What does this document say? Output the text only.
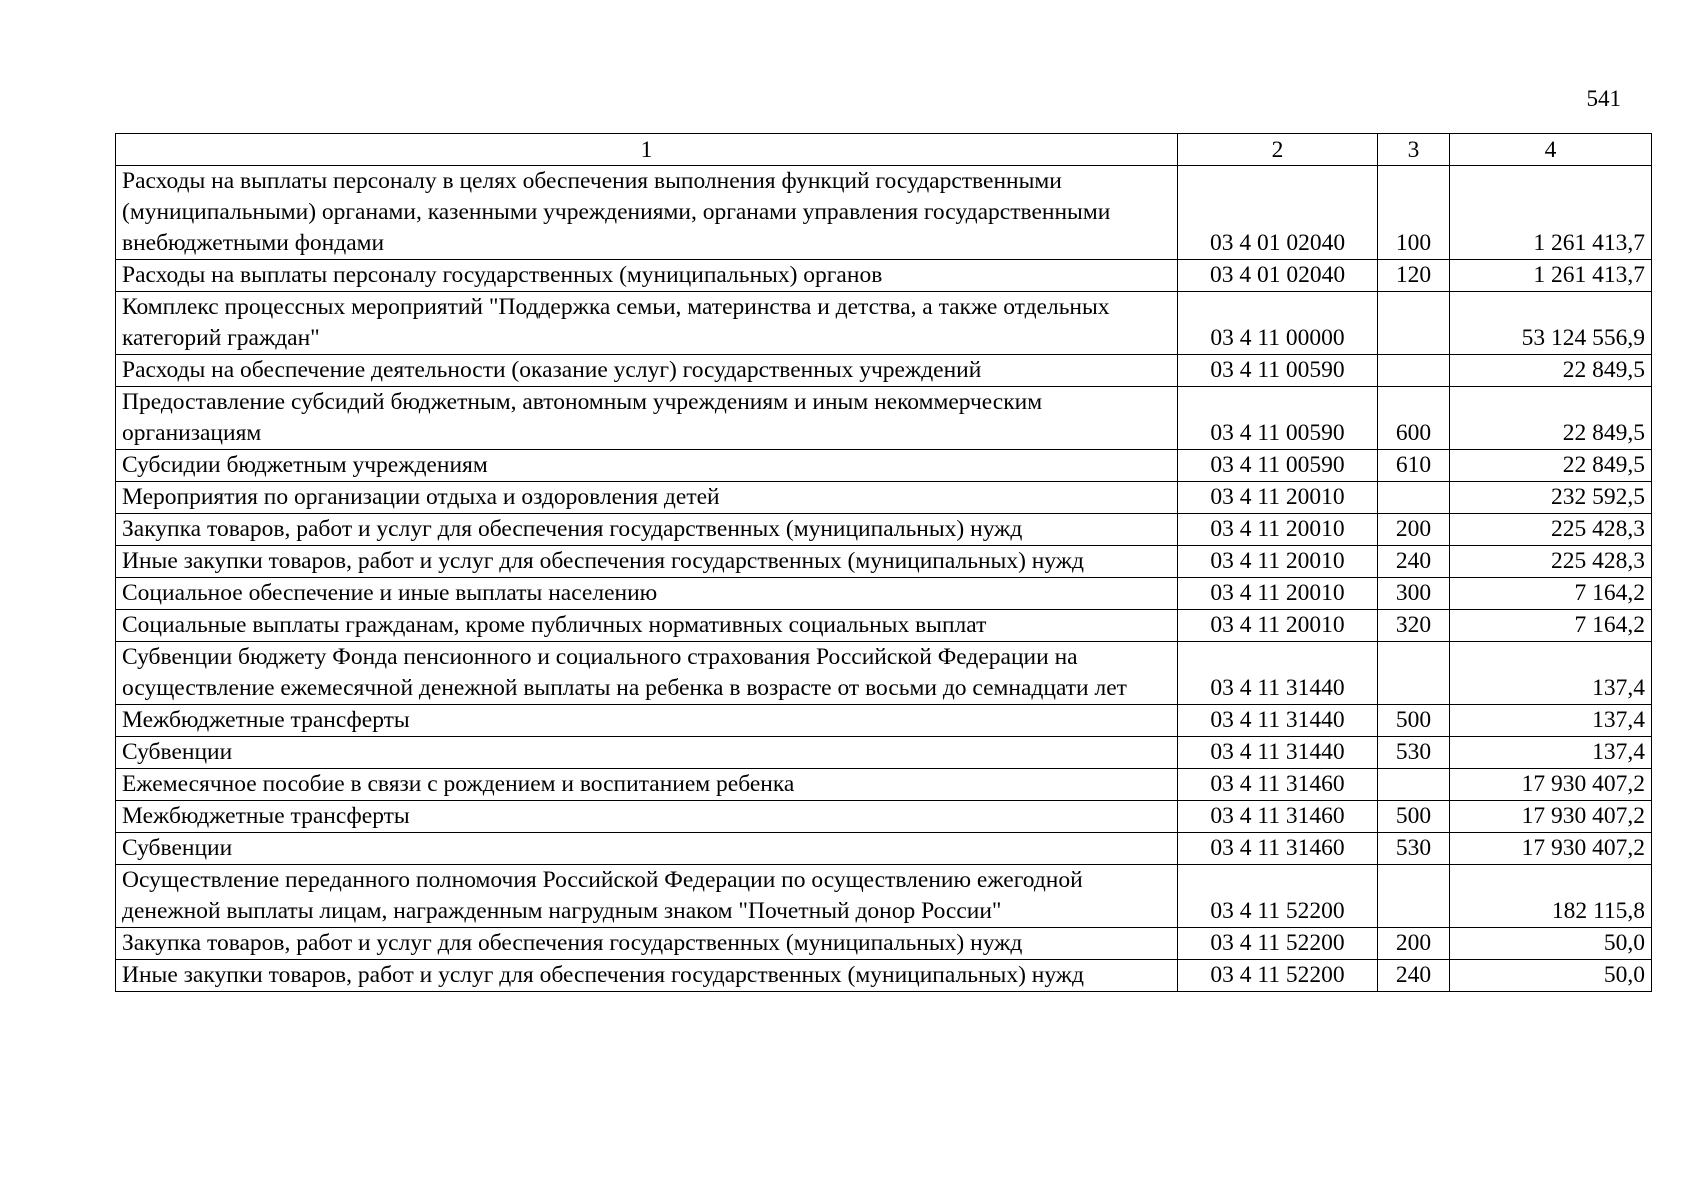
541
1	2	3	4
Расходы на выплаты персоналу в целях обеспечения выполнения функций государственными (муниципальными) органами, казенными учреждениями, органами управления государственными внебюджетными фондами	03 4 01 02040	100	1 261 413,7
Расходы на выплаты персоналу государственных (муниципальных) органов	03 4 01 02040	120	1 261 413,7
Комплекс процессных мероприятий "Поддержка семьи, материнства и детства, а также отдельных категорий граждан"	03 4 11 00000		53 124 556,9
Расходы на обеспечение деятельности (оказание услуг) государственных учреждений	03 4 11 00590		22 849,5
Предоставление субсидий бюджетным, автономным учреждениям и иным некоммерческим организациям	03 4 11 00590	600	22 849,5
Субсидии бюджетным учреждениям	03 4 11 00590	610	22 849,5
Мероприятия по организации отдыха и оздоровления детей	03 4 11 20010		232 592,5
Закупка товаров, работ и услуг для обеспечения государственных (муниципальных) нужд	03 4 11 20010	200	225 428,3
Иные закупки товаров, работ и услуг для обеспечения государственных (муниципальных) нужд	03 4 11 20010	240	225 428,3
Социальное обеспечение и иные выплаты населению	03 4 11 20010	300	7 164,2
Социальные выплаты гражданам, кроме публичных нормативных социальных выплат	03 4 11 20010	320	7 164,2
Субвенции бюджету Фонда пенсионного и социального страхования Российской Федерации на осуществление ежемесячной денежной выплаты на ребенка в возрасте от восьми до семнадцати лет	03 4 11 31440		137,4
Межбюджетные трансферты	03 4 11 31440	500	137,4
Субвенции	03 4 11 31440	530	137,4
Ежемесячное пособие в связи с рождением и воспитанием ребенка	03 4 11 31460		17 930 407,2
Межбюджетные трансферты	03 4 11 31460	500	17 930 407,2
Субвенции	03 4 11 31460	530	17 930 407,2
Осуществление переданного полномочия Российской Федерации по осуществлению ежегодной денежной выплаты лицам, награжденным нагрудным знаком "Почетный донор России"	03 4 11 52200		182 115,8
Закупка товаров, работ и услуг для обеспечения государственных (муниципальных) нужд	03 4 11 52200	200	50,0
Иные закупки товаров, работ и услуг для обеспечения государственных (муниципальных) нужд	03 4 11 52200	240	50,0
